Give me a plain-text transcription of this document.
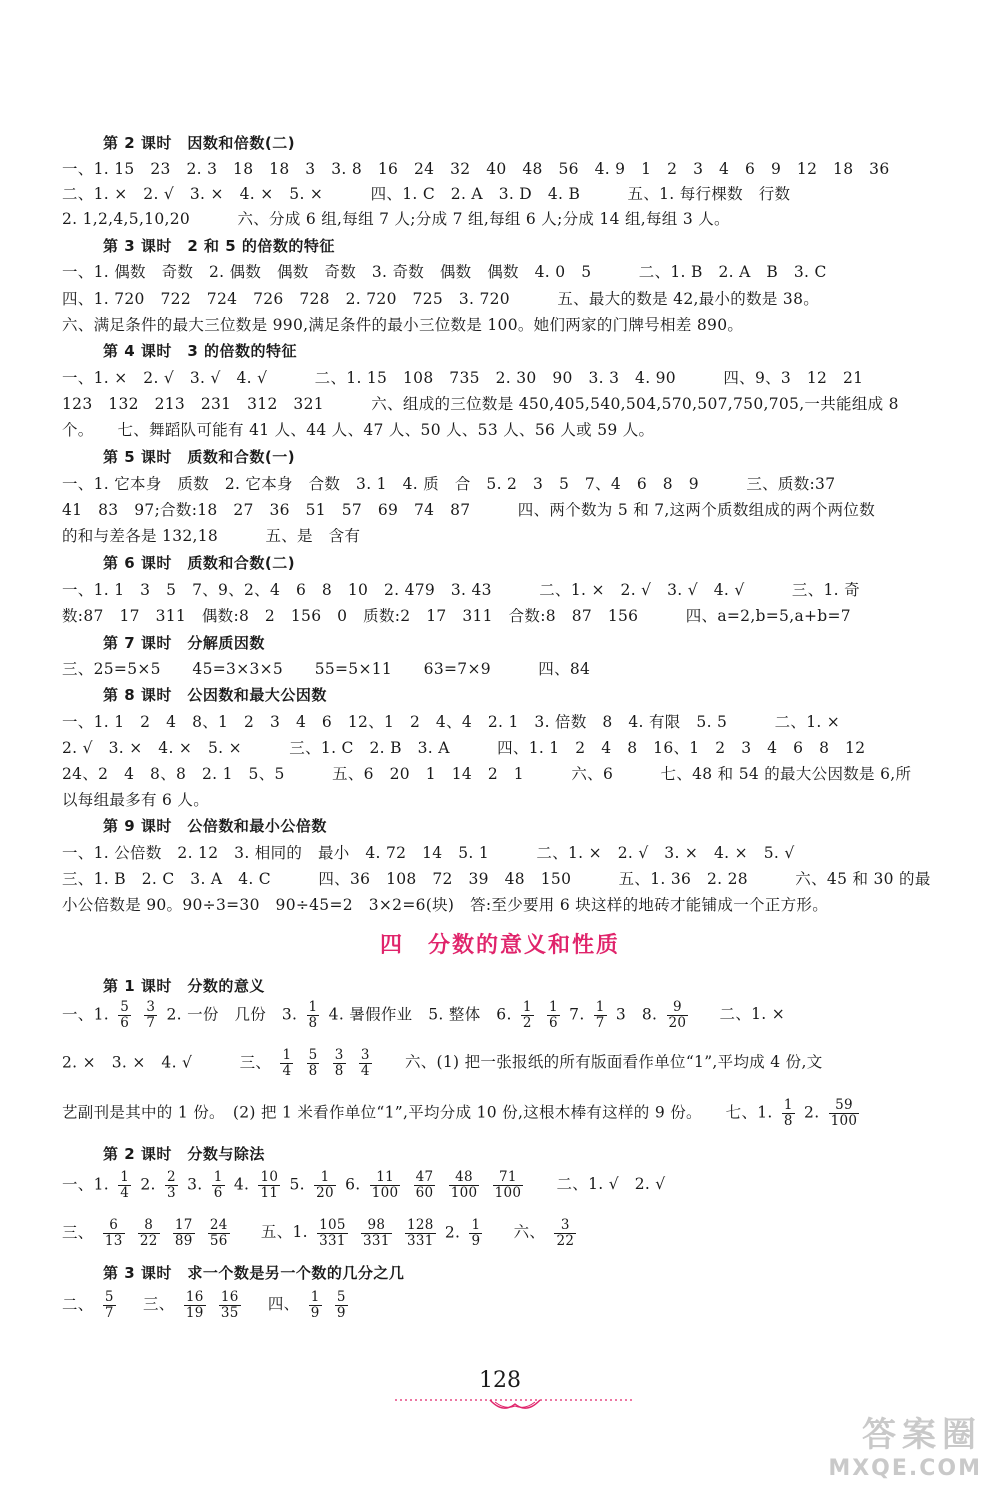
第 2 课时　因数和倍数(二)
一、1. 15　23　2. 3　18　18　3　3. 8　16　24　32　40　48　56　4. 9　1　2　3　4　6　9　12　18　36
二、1. ×　2. √　3. ×　4. ×　5. ×　　　四、1. C　2. A　3. D　4. B　　　五、1. 每行棵数　行数
2. 1,2,4,5,10,20　　　六、分成 6 组,每组 7 人;分成 7 组,每组 6 人;分成 14 组,每组 3 人。
第 3 课时　2 和 5 的倍数的特征
一、1. 偶数　奇数　2. 偶数　偶数　奇数　3. 奇数　偶数　偶数　4. 0　5　　　二、1. B　2. A　B　3. C
四、1. 720　722　724　726　728　2. 720　725　3. 720　　　五、最大的数是 42,最小的数是 38。
六、满足条件的最大三位数是 990,满足条件的最小三位数是 100。她们两家的门牌号相差 890。
第 4 课时　3 的倍数的特征
一、1. ×　2. √　3. √　4. √　　　二、1. 15　108　735　2. 30　90　3. 3　4. 90　　　四、9、3　12　21
123　132　213　231　312　321　　　六、组成的三位数是 450,405,540,504,570,507,750,705,一共能组成 8
个。　　七、舞蹈队可能有 41 人、44 人、47 人、50 人、53 人、56 人或 59 人。
第 5 课时　质数和合数(一)
一、1. 它本身　质数　2. 它本身　合数　3. 1　4. 质　合　5. 2　3　5　7、4　6　8　9　　　三、质数:37
41　83　97;合数:18　27　36　51　57　69　74　87　　　四、两个数为 5 和 7,这两个质数组成的两个两位数
的和与差各是 132,18　　　五、是　含有
第 6 课时　质数和合数(二)
一、1. 1　3　5　7、9、2、4　6　8　10　2. 479　3. 43　　　二、1. ×　2. √　3. √　4. √　　　三、1. 奇
数:87　17　311　偶数:8　2　156　0　质数:2　17　311　合数:8　87　156　　　四、a=2,b=5,a+b=7
第 7 课时　分解质因数
三、25=5×5　　45=3×3×5　　55=5×11　　63=7×9　　　四、84
第 8 课时　公因数和最大公因数
一、1. 1　2　4　8、1　2　3　4　6　12、1　2　4、4　2. 1　3. 倍数　8　4. 有限　5. 5　　　二、1. ×
2. √　3. ×　4. ×　5. ×　　　三、1. C　2. B　3. A　　　四、1. 1　2　4　8　16、1　2　3　4　6　8　12
24、2　4　8、8　2. 1　5、5　　　五、6　20　1　14　2　1　　　六、6　　　七、48 和 54 的最大公因数是 6,所
以每组最多有 6 人。
第 9 课时　公倍数和最小公倍数
一、1. 公倍数　2. 12　3. 相同的　最小　4. 72　14　5. 1　　　二、1. ×　2. √　3. ×　4. ×　5. √
三、1. B　2. C　3. A　4. C　　　四、36　108　72　39　48　150　　　五、1. 36　2. 28　　　六、45 和 30 的最
小公倍数是 90。90÷3=30　90÷45=2　3×2=6(块)　答:至少要用 6 块这样的地砖才能铺成一个正方形。
四　分数的意义和性质
第 1 课时　分数的意义
一、1. $\frac{5}{6}$
$\frac{3}{7} 2$. 一份　几份　3. $\frac{1}{8} 4$. 暑假作业　5. 整体　6. $\frac{1}{2}$
$\frac{1}{6} 7$. $\frac{1}{7} 3$　8. $\frac{9}{20}$ 二、1. ×
2. ×　3. ×　4. √　　　三、 $\frac{1}{4}$
$\frac{5}{8}$
$\frac{3}{8}$
$\frac{3}{4}$ 六、(1) 把一张报纸的所有版面看作单位“1”,平均成 4 份,文
艺副刊是其中的 1 份。　(2) 把 1 米看作单位“1”,平均分成 10 份,这根木棒有这样的 9 份。　　七、1. $\frac{1}{8} 2$. $\frac{59}{100}$
第 2 课时　分数与除法
一、1. $\frac{1}{4} 2$. $\frac{2}{3} 3$. $\frac{1}{6} 4$. $\frac{10}{11} 5$. $\frac{1}{20} 6$. $\frac{11}{100}$
$\frac{47}{60}$
$\frac{48}{100}$
$\frac{71}{100}$ 二、1. √　2. √
三、 $\frac{6}{13}$
$\frac{8}{22}$
$\frac{17}{89}$
$\frac{24}{56}$ 五、1. $\frac{105}{331}$
$\frac{98}{331}$
$\frac{128}{331} 2$. $\frac{1}{9}$ 六、 $\frac{3}{22}$
第 3 课时　求一个数是另一个数的几分之几
二、 $\frac{5}{7}$ 三、 $\frac{16}{19}$
$\frac{16}{35}$ 四、 $\frac{1}{9}$
$\frac{5}{9}$
128
答案圈
MXQE.COM
